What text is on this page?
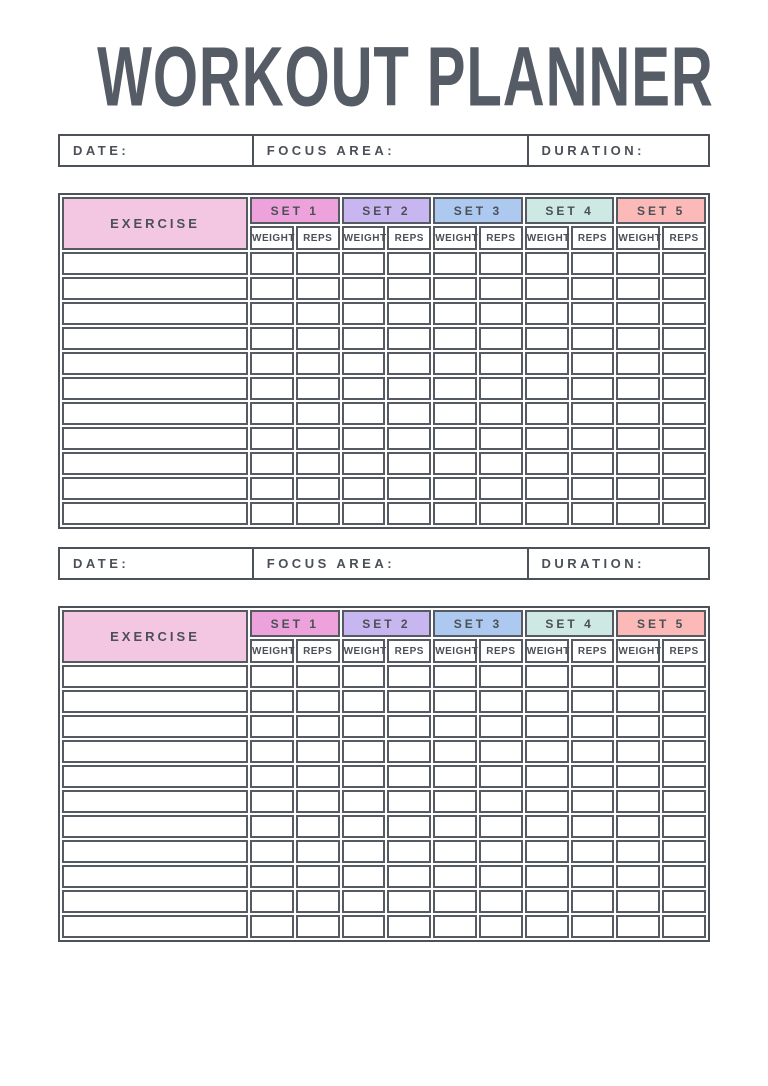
WORKOUT PLANNER
DATE:	FOCUS AREA:	DURATION:
EXERCISE	SET 1		SET 2		SET 3		SET 4		SET 5	
	WEIGHT	REPS	WEIGHT	REPS	WEIGHT	REPS	WEIGHT	REPS	WEIGHT	REPS

DATE:	FOCUS AREA:	DURATION:
EXERCISE	SET 1		SET 2		SET 3		SET 4		SET 5	
	WEIGHT	REPS	WEIGHT	REPS	WEIGHT	REPS	WEIGHT	REPS	WEIGHT	REPS
